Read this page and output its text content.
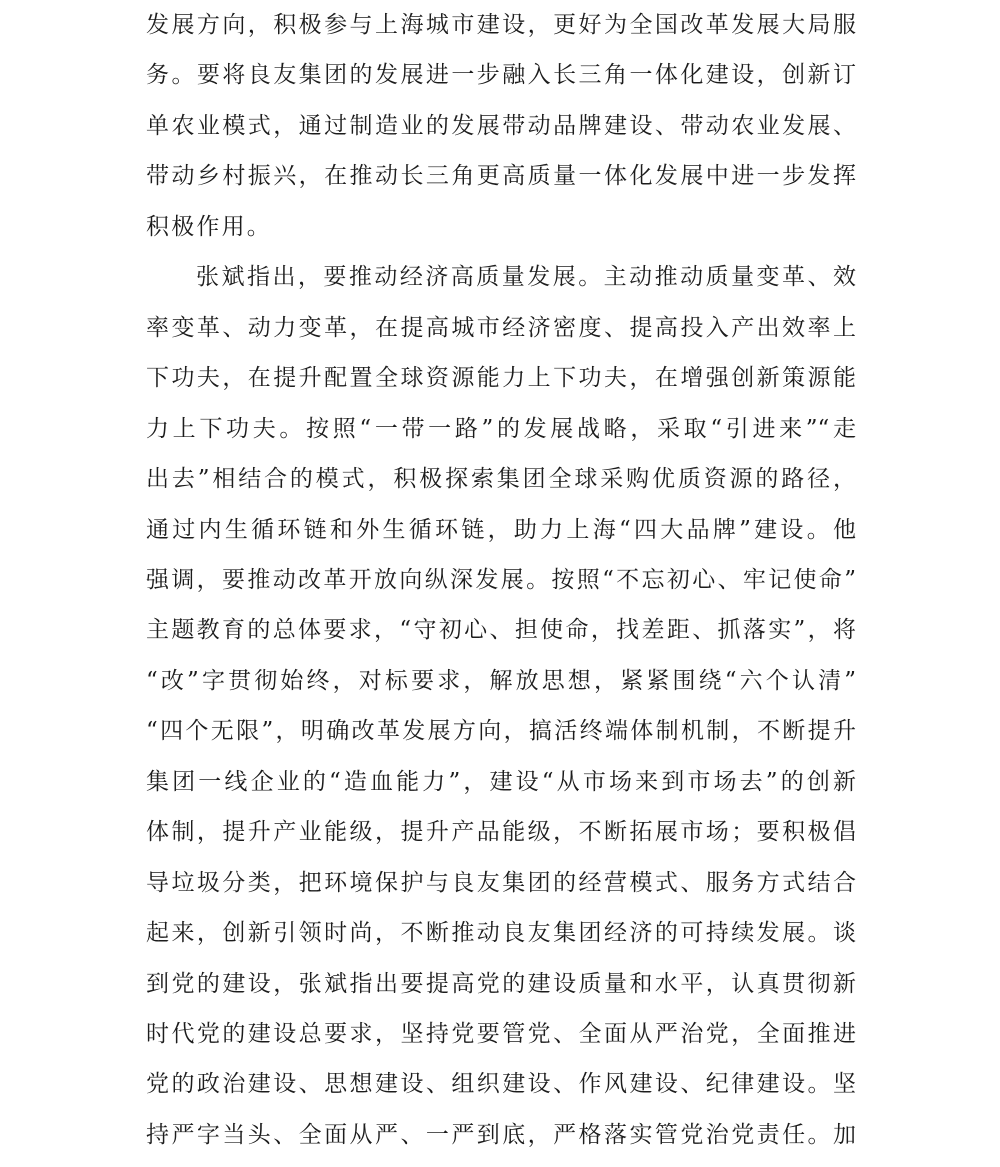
发展方向，积极参与上海城市建设，更好为全国改革发展大局服
务。要将良友集团的发展进一步融入长三角一体化建设，创新订
单农业模式，通过制造业的发展带动品牌建设、带动农业发展、
带动乡村振兴，在推动长三角更高质量一体化发展中进一步发挥
积极作用。
张斌指出，要推动经济高质量发展。主动推动质量变革、效
率变革、动力变革，在提高城市经济密度、提高投入产出效率上
下功夫，在提升配置全球资源能力上下功夫，在增强创新策源能
力上下功夫。按照“一带一路”的发展战略，采取“引进来”“走
出去”相结合的模式，积极探索集团全球采购优质资源的路径，
通过内生循环链和外生循环链，助力上海“四大品牌”建设。他
强调，要推动改革开放向纵深发展。按照“不忘初心、牢记使命”
主题教育的总体要求，“守初心、担使命，找差距、抓落实”，将
“改”字贯彻始终，对标要求，解放思想，紧紧围绕“六个认清”
“四个无限”，明确改革发展方向，搞活终端体制机制，不断提升
集团一线企业的“造血能力”，建设“从市场来到市场去”的创新
体制，提升产业能级，提升产品能级，不断拓展市场；要积极倡
导垃圾分类，把环境保护与良友集团的经营模式、服务方式结合
起来，创新引领时尚，不断推动良友集团经济的可持续发展。谈
到党的建设，张斌指出要提高党的建设质量和水平，认真贯彻新
时代党的建设总要求，坚持党要管党、全面从严治党，全面推进
党的政治建设、思想建设、组织建设、作风建设、纪律建设。坚
持严字当头、全面从严、一严到底，严格落实管党治党责任。加
